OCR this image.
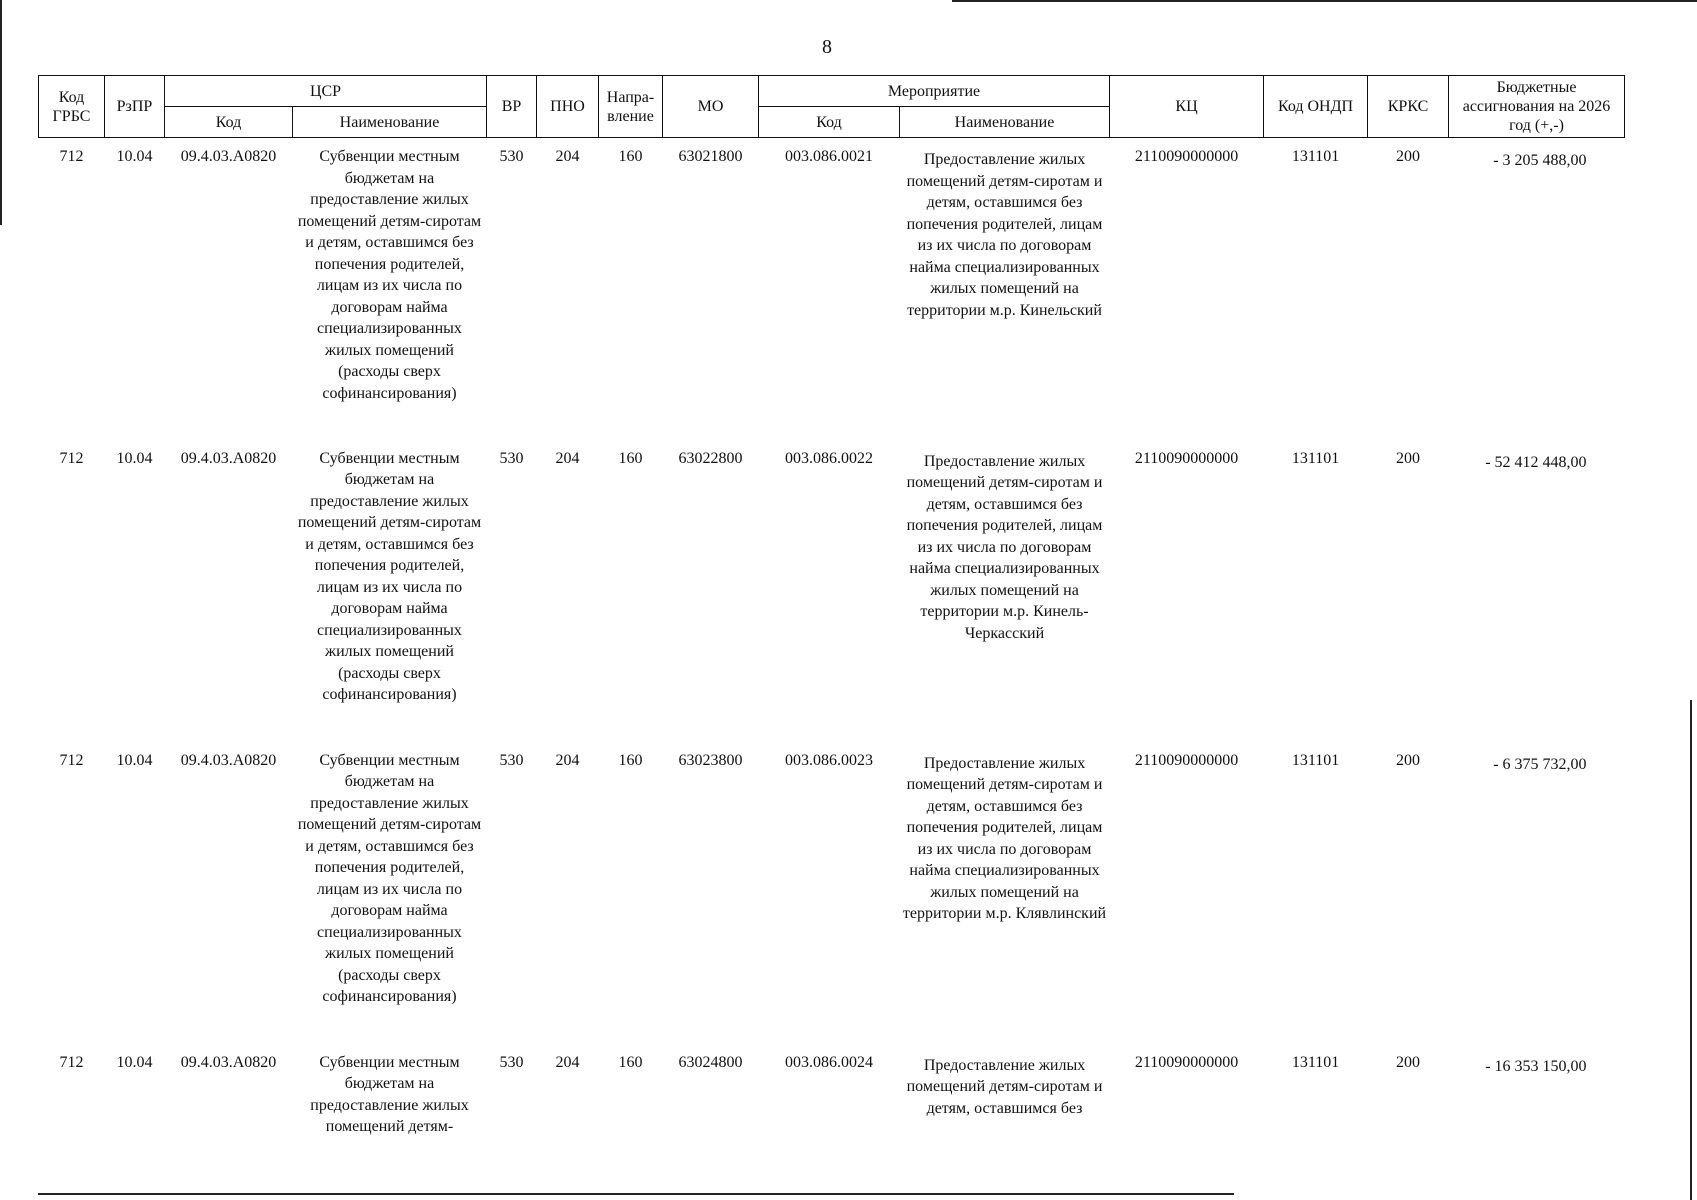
8
Код ГРБС	РзПР	ЦСР		ВР	ПНО	Напра-вление	МО	Мероприятие		КЦ	Код ОНДП	КРКС	Бюджетные ассигнования на 2026 год (+,-)
		Код	Наименование					Код	Наименование				
712	10.04	09.4.03.А0820	Субвенции местным бюджетам на предоставление жилых помещений детям-сиротам и детям, оставшимся без попечения родителей, лицам из их числа по договорам найма специализированных жилых помещений (расходы сверх софинансирования)	530	204	160	63021800	003.086.0021	Предоставление жилых помещений детям-сиротам и детям, оставшимся без попечения родителей, лицам из их числа по договорам найма специализированных жилых помещений на территории м.р. Кинельский	2110090000000	131101	200	- 3 205 488,00
712	10.04	09.4.03.А0820	Субвенции местным бюджетам на предоставление жилых помещений детям-сиротам и детям, оставшимся без попечения родителей, лицам из их числа по договорам найма специализированных жилых помещений (расходы сверх софинансирования)	530	204	160	63022800	003.086.0022	Предоставление жилых помещений детям-сиротам и детям, оставшимся без попечения родителей, лицам из их числа по договорам найма специализированных жилых помещений на территории м.р. Кинель-Черкасский	2110090000000	131101	200	- 52 412 448,00
712	10.04	09.4.03.А0820	Субвенции местным бюджетам на предоставление жилых помещений детям-сиротам и детям, оставшимся без попечения родителей, лицам из их числа по договорам найма специализированных жилых помещений (расходы сверх софинансирования)	530	204	160	63023800	003.086.0023	Предоставление жилых помещений детям-сиротам и детям, оставшимся без попечения родителей, лицам из их числа по договорам найма специализированных жилых помещений на территории м.р. Клявлинский	2110090000000	131101	200	- 6 375 732,00
712	10.04	09.4.03.А0820	Субвенции местным бюджетам на предоставление жилых помещений детям-	530	204	160	63024800	003.086.0024	Предоставление жилых помещений детям-сиротам и детям, оставшимся без	2110090000000	131101	200	- 16 353 150,00
